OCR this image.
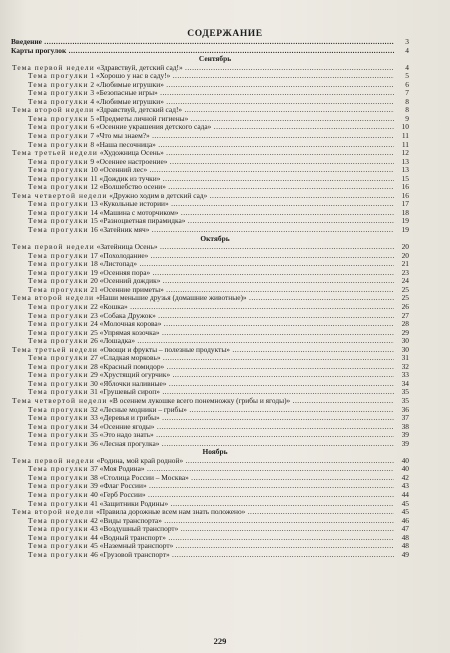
СОДЕРЖАНИЕ
Введение .....	3
Карты прогулок .....	4
Сентябрь
Тема первой недели «Здравствуй, детский сад!» .....	4
Тема прогулки 1 «Хорошо у нас в саду!» .....	5
Тема прогулки 2 «Любимые игрушки» .....	6
Тема прогулки 3 «Безопасные игры» .....	7
Тема прогулки 4 «Любимые игрушки» .....	8
Тема второй недели «Здравствуй, детский сад!» .....	8
Тема прогулки 5 «Предметы личной гигиены» .....	9
Тема прогулки 6 «Осенние украшения детского сада» .....	10
Тема прогулки 7 «Что мы знаем?» .....	11
Тема прогулки 8 «Наша песочница» .....	11
Тема третьей недели «Художница Осень» .....	12
Тема прогулки 9 «Осеннее настроение» .....	13
Тема прогулки 10 «Осенний лес» .....	13
Тема прогулки 11 «Дождик из тучки» .....	15
Тема прогулки 12 «Волшебство осени» .....	16
Тема четвертой недели «Дружно ходим в детский сад» .....	16
Тема прогулки 13 «Кукольные истории» .....	17
Тема прогулки 14 «Машина с моторчиком» .....	18
Тема прогулки 15 «Разноцветная пирамидка» .....	19
Тема прогулки 16 «Затейник мяч» .....	19
Октябрь
Тема первой недели «Затейница Осень» .....	20
Тема прогулки 17 «Похолодание» .....	20
Тема прогулки 18 «Листопад» .....	21
Тема прогулки 19 «Осенняя пора» .....	23
Тема прогулки 20 «Осенний дождик» .....	24
Тема прогулки 21 «Осенние приметы» .....	25
Тема второй недели «Наши меньшие друзья (домашние животные)» .....	25
Тема прогулки 22 «Кошка» .....	26
Тема прогулки 23 «Собака Дружок» .....	27
Тема прогулки 24 «Молочная корова» .....	28
Тема прогулки 25 «Упрямая козочка» .....	29
Тема прогулки 26 «Лошадка» .....	30
Тема третьей недели «Овощи и фрукты – полезные продукты» .....	30
Тема прогулки 27 «Сладкая морковь» .....	31
Тема прогулки 28 «Красный помидор» .....	32
Тема прогулки 29 «Хрустящий огурчик» .....	33
Тема прогулки 30 «Яблочки наливные» .....	34
Тема прогулки 31 «Грушевый сироп» .....	35
Тема четвертой недели «В осеннем лукошке всего понемножку (грибы и ягоды)» .....	35
Тема прогулки 32 «Лесные модники – грибы» .....	36
Тема прогулки 33 «Деревья и грибы» .....	37
Тема прогулки 34 «Осенние ягоды» .....	38
Тема прогулки 35 «Это надо знать» .....	39
Тема прогулки 36 «Лесная прогулка» .....	39
Ноябрь
Тема первой недели «Родина, мой край родной» .....	40
Тема прогулки 37 «Моя Родина» .....	40
Тема прогулки 38 «Столица России – Москва» .....	42
Тема прогулки 39 «Флаг России» .....	43
Тема прогулки 40 «Герб России» .....	44
Тема прогулки 41 «Защитники Родины» .....	45
Тема второй недели «Правила дорожные всем нам знать положено» .....	45
Тема прогулки 42 «Виды транспорта» .....	46
Тема прогулки 43 «Воздушный транспорт» .....	47
Тема прогулки 44 «Водный транспорт» .....	48
Тема прогулки 45 «Наземный транспорт» .....	48
Тема прогулки 46 «Грузовой транспорт» .....	49
229
